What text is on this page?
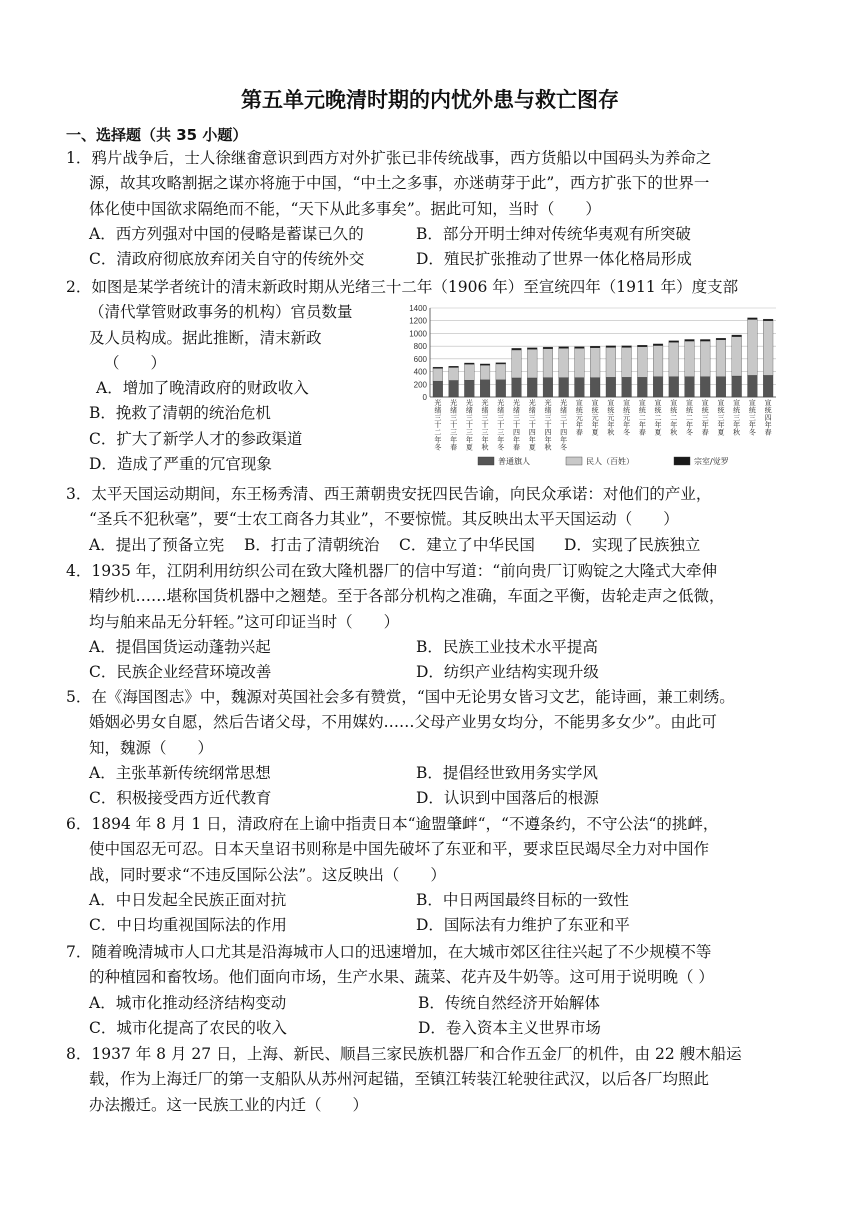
第五单元晚清时期的内忧外患与救亡图存
一、选择题（共 35 小题）
1．鸦片战争后，士人徐继畬意识到西方对外扩张已非传统战事，西方货船以中国码头为养命之
源，故其攻略割据之谋亦将施于中国，“中土之多事，亦迷萌芽于此”，西方扩张下的世界一
体化使中国欲求隔绝而不能，“天下从此多事矣”。据此可知，当时（　　）
A．西方列强对中国的侵略是蓄谋已久的	B．部分开明士绅对传统华夷观有所突破
C．清政府彻底放弃闭关自守的传统外交	D．殖民扩张推动了世界一体化格局形成
2．如图是某学者统计的清末新政时期从光绪三十二年（1906 年）至宣统四年（1911 年）度支部
（清代掌管财政事务的机构）官员数量
及人员构成。据此推断，清末新政
（　　）
A．增加了晚清政府的财政收入
B．挽救了清朝的统治危机
C．扩大了新学人才的参政渠道
D．造成了严重的冗官现象
0
200
400
600
800
1000
1200
1400
光绪三十二年冬
光绪三十三年春
光绪三十三年夏
光绪三十三年秋
光绪三十三年冬
光绪三十四年春
光绪三十四年夏
光绪三十四年秋
光绪三十四年冬
宣统元年春
宣统元年夏
宣统元年秋
宣统元年冬
宣统二年春
宣统二年夏
宣统二年秋
宣统二年冬
宣统三年春
宣统三年夏
宣统三年秋
宣统三年冬
宣统四年春
普通旗人	民人（百姓）	宗室/觉罗
3．太平天国运动期间，东王杨秀清、西王萧朝贵安抚四民告谕，向民众承诺：对他们的产业，
“圣兵不犯秋毫”，要“士农工商各力其业”，不要惊慌。其反映出太平天国运动（　　）
A．提出了预备立宪 B．打击了清朝统治 C．建立了中华民国 D．实现了民族独立
4．1935 年，江阴利用纺织公司在致大隆机器厂的信中写道：“前向贵厂订购锭之大隆式大牵伸
精纱机……堪称国货机器中之翘楚。至于各部分机构之准确，车面之平衡，齿轮走声之低微，
均与舶来品无分轩轾。”这可印证当时（　　）
A．提倡国货运动蓬勃兴起	B．民族工业技术水平提高
C．民族企业经营环境改善	D．纺织产业结构实现升级
5．在《海国图志》中，魏源对英国社会多有赞赏，“国中无论男女皆习文艺，能诗画，兼工刺绣。
婚姻必男女自愿，然后告诸父母，不用媒妁……父母产业男女均分，不能男多女少”。由此可
知，魏源（　　）
A．主张革新传统纲常思想	B．提倡经世致用务实学风
C．积极接受西方近代教育	D．认识到中国落后的根源
6．1894 年 8 月 1 日，清政府在上谕中指责日本“逾盟肇衅“，“不遵条约，不守公法“的挑衅，
使中国忍无可忍。日本天皇诏书则称是中国先破坏了东亚和平，要求臣民竭尽全力对中国作
战，同时要求“不违反国际公法”。这反映出（　　）
A．中日发起全民族正面对抗	B．中日两国最终目标的一致性
C．中日均重视国际法的作用	D．国际法有力维护了东亚和平
7．随着晚清城市人口尤其是沿海城市人口的迅速增加，在大城市郊区往往兴起了不少规模不等
的种植园和畜牧场。他们面向市场，生产水果、蔬菜、花卉及牛奶等。这可用于说明晚（ ）
A．城市化推动经济结构变动	B．传统自然经济开始解体
C．城市化提高了农民的收入	D．卷入资本主义世界市场
8．1937 年 8 月 27 日，上海、新民、顺昌三家民族机器厂和合作五金厂的机件，由 22 艘木船运
载，作为上海迁厂的第一支船队从苏州河起锚，至镇江转装江轮驶往武汉，以后各厂均照此
办法搬迁。这一民族工业的内迁（　　）
